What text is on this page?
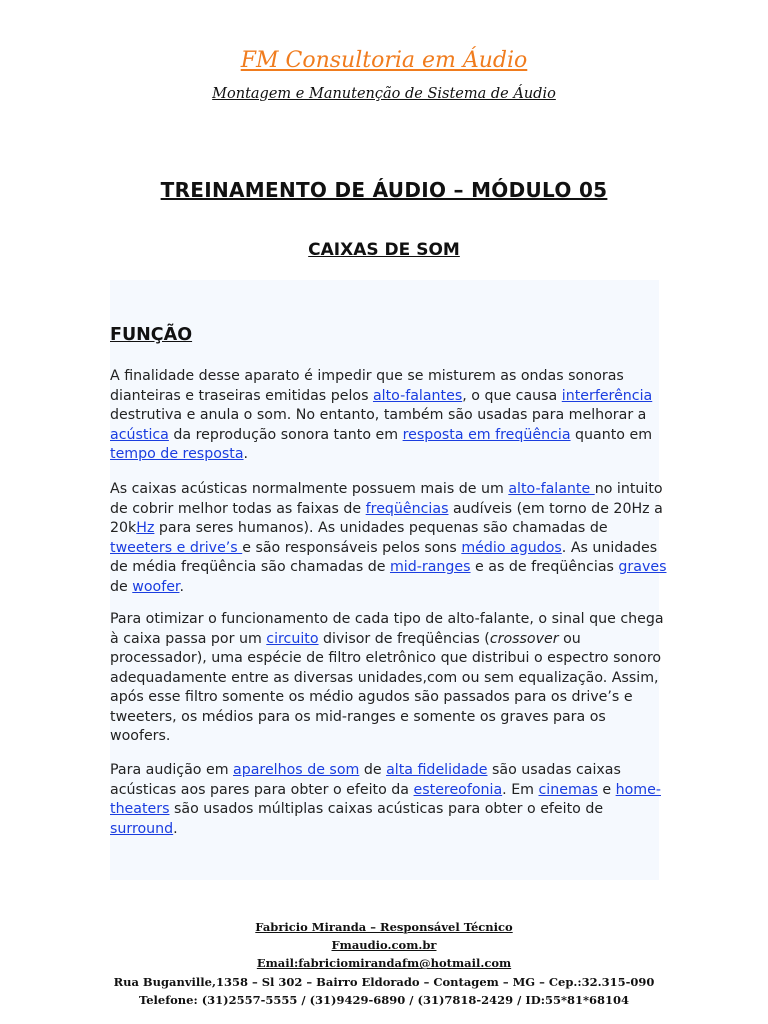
FM Consultoria em Áudio
Montagem e Manutenção de Sistema de Áudio
TREINAMENTO DE ÁUDIO – MÓDULO 05
CAIXAS DE SOM
FUNÇÃO

A finalidade desse aparato é impedir que se misturem as ondas sonoras dianteiras e traseiras emitidas pelos alto-falantes, o que causa interferência destrutiva e anula o som. No entanto, também são usadas para melhorar a acústica da reprodução sonora tanto em resposta em freqüência quanto em tempo de resposta.

As caixas acústicas normalmente possuem mais de um alto-falante no intuito de cobrir melhor todas as faixas de freqüências audíveis (em torno de 20Hz a 20kHz para seres humanos). As unidades pequenas são chamadas de tweeters e drive’s e são responsáveis pelos sons médio agudos. As unidades de média freqüência são chamadas de mid-ranges e as de freqüências graves de woofer.

Para otimizar o funcionamento de cada tipo de alto-falante, o sinal que chega à caixa passa por um circuito divisor de freqüências (crossover ou processador), uma espécie de filtro eletrônico que distribui o espectro sonoro adequadamente entre as diversas unidades,com ou sem equalização. Assim, após esse filtro somente os médio agudos são passados para os drive’s e tweeters, os médios para os mid-ranges e somente os graves para os woofers.

Para audição em aparelhos de som de alta fidelidade são usadas caixas acústicas aos pares para obter o efeito da estereofonia. Em cinemas e home-theaters são usados múltiplas caixas acústicas para obter o efeito de surround.

Fabricio Miranda – Responsável Técnico
Fmaudio.com.br
Email:fabriciomirandafm@hotmail.com
Rua Buganville,1358 – Sl 302 – Bairro Eldorado – Contagem – MG – Cep.:32.315-090
Telefone: (31)2557-5555 / (31)9429-6890 / (31)7818-2429 / ID:55*81*68104
